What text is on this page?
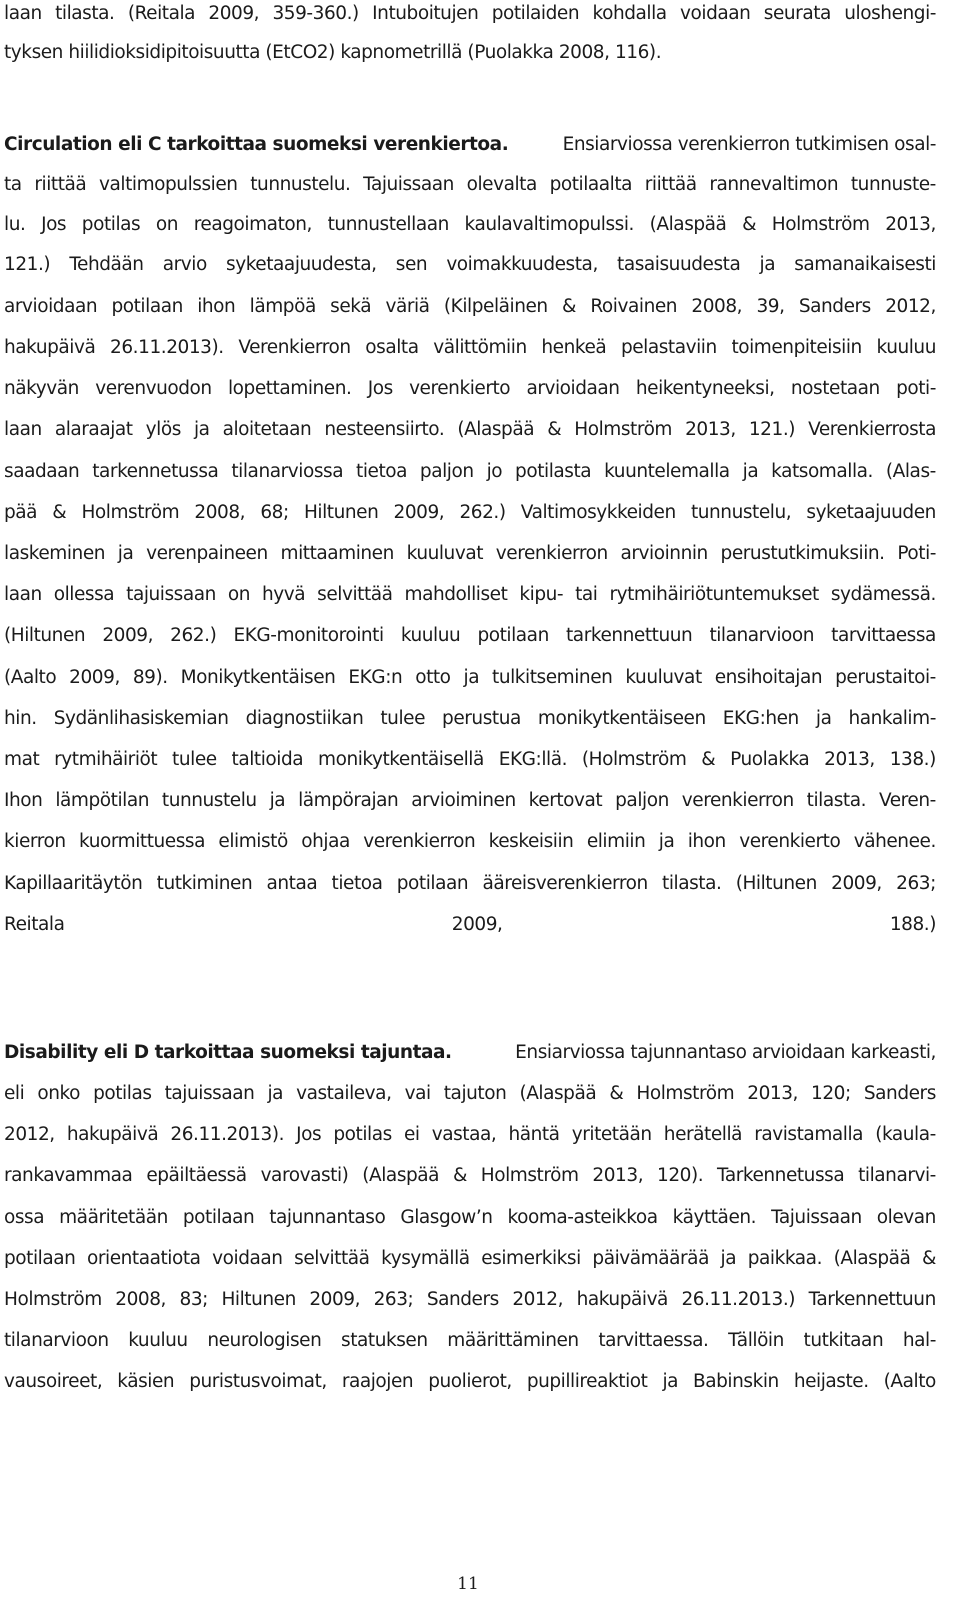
laan tilasta. (Reitala 2009, 359-360.) Intuboitujen potilaiden kohdalla voidaan seurata uloshengi-
tyksen hiilidioksidipitoisuutta (EtCO2) kapnometrillä (Puolakka 2008, 116).
Circulation eli C tarkoittaa suomeksi verenkiertoa.	Ensiarviossa verenkierron tutkimisen osal-
ta riittää valtimopulssien tunnustelu. Tajuissaan olevalta potilaalta riittää rannevaltimon tunnuste-
lu. Jos potilas on reagoimaton, tunnustellaan kaulavaltimopulssi. (Alaspää & Holmström 2013,
121.) Tehdään arvio syketaajuudesta, sen voimakkuudesta, tasaisuudesta ja samanaikaisesti
arvioidaan potilaan ihon lämpöä sekä väriä (Kilpeläinen & Roivainen 2008, 39, Sanders 2012,
hakupäivä 26.11.2013). Verenkierron osalta välittömiin henkeä pelastaviin toimenpiteisiin kuuluu
näkyvän verenvuodon lopettaminen. Jos verenkierto arvioidaan heikentyneeksi, nostetaan poti-
laan alaraajat ylös ja aloitetaan nesteensiirto. (Alaspää & Holmström 2013, 121.) Verenkierrosta
saadaan tarkennetussa tilanarviossa tietoa paljon jo potilasta kuuntelemalla ja katsomalla. (Alas-
pää & Holmström 2008, 68; Hiltunen 2009, 262.) Valtimosykkeiden tunnustelu, syketaajuuden
laskeminen ja verenpaineen mittaaminen kuuluvat verenkierron arvioinnin perustutkimuksiin. Poti-
laan ollessa tajuissaan on hyvä selvittää mahdolliset kipu- tai rytmihäiriötuntemukset sydämessä.
(Hiltunen 2009, 262.) EKG-monitorointi kuuluu potilaan tarkennettuun tilanarvioon tarvittaessa
(Aalto 2009, 89). Monikytkentäisen EKG:n otto ja tulkitseminen kuuluvat ensihoitajan perustaitoi-
hin. Sydänlihasiskemian diagnostiikan tulee perustua monikytkentäiseen EKG:hen ja hankalim-
mat rytmihäiriöt tulee taltioida monikytkentäisellä EKG:llä. (Holmström & Puolakka 2013, 138.)
Ihon lämpötilan tunnustelu ja lämpörajan arvioiminen kertovat paljon verenkierron tilasta. Veren-
kierron kuormittuessa elimistö ohjaa verenkierron keskeisiin elimiin ja ihon verenkierto vähenee.
Kapillaaritäytön tutkiminen antaa tietoa potilaan ääreisverenkierron tilasta. (Hiltunen 2009, 263;
Reitala	2009,	188.)
Disability eli D tarkoittaa suomeksi tajuntaa.	Ensiarviossa tajunnantaso arvioidaan karkeasti,
eli onko potilas tajuissaan ja vastaileva, vai tajuton (Alaspää & Holmström 2013, 120; Sanders
2012, hakupäivä 26.11.2013). Jos potilas ei vastaa, häntä yritetään herätellä ravistamalla (kaula-
rankavammaa epäiltäessä varovasti) (Alaspää & Holmström 2013, 120). Tarkennetussa tilanarvi-
ossa määritetään potilaan tajunnantaso Glasgow’n kooma-asteikkoa käyttäen. Tajuissaan olevan
potilaan orientaatiota voidaan selvittää kysymällä esimerkiksi päivämäärää ja paikkaa. (Alaspää &
Holmström 2008, 83; Hiltunen 2009, 263; Sanders 2012, hakupäivä 26.11.2013.) Tarkennettuun
tilanarvioon kuuluu neurologisen statuksen määrittäminen tarvittaessa. Tällöin tutkitaan hal-
vausoireet, käsien puristusvoimat, raajojen puolierot, pupillireaktiot ja Babinskin heijaste. (Aalto
11
